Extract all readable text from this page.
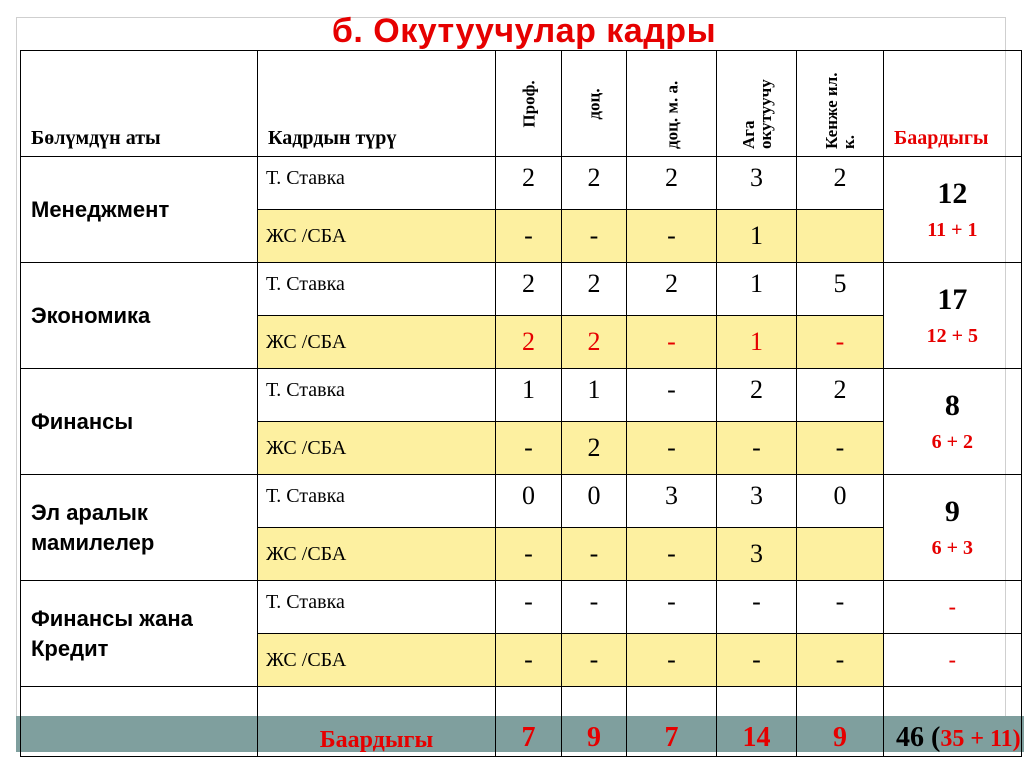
б. Окутуучулар кадры
Бөлүмдүн аты	Кадрдын түрү	Проф.	доц.	доц. м. а.	Ага окутуучу	Кенже ил. к.	Баардыгы
Менеджмент	Т. Ставка	2	2	2	3	2	12
11 + 1

	ЖС /СБА	-	-	-	1		
Экономика	Т. Ставка	2	2	2	1	5	17
12 + 5

	ЖС /СБА	2	2	-	1	-	
Финансы	Т. Ставка	1	1	-	2	2	8
6 + 2

	ЖС /СБА	-	2	-	-	-	
Эл аралык мамилелер	Т. Ставка	0	0	3	3	0	9
6 + 3

	ЖС /СБА	-	-	-	3		
Финансы жана Кредит	Т. Ставка	-	-	-	-	-	-
	ЖС /СБА	-	-	-	-	-	-
	Баардыгы	7	9	7	14	9	46 (35 + 11)
